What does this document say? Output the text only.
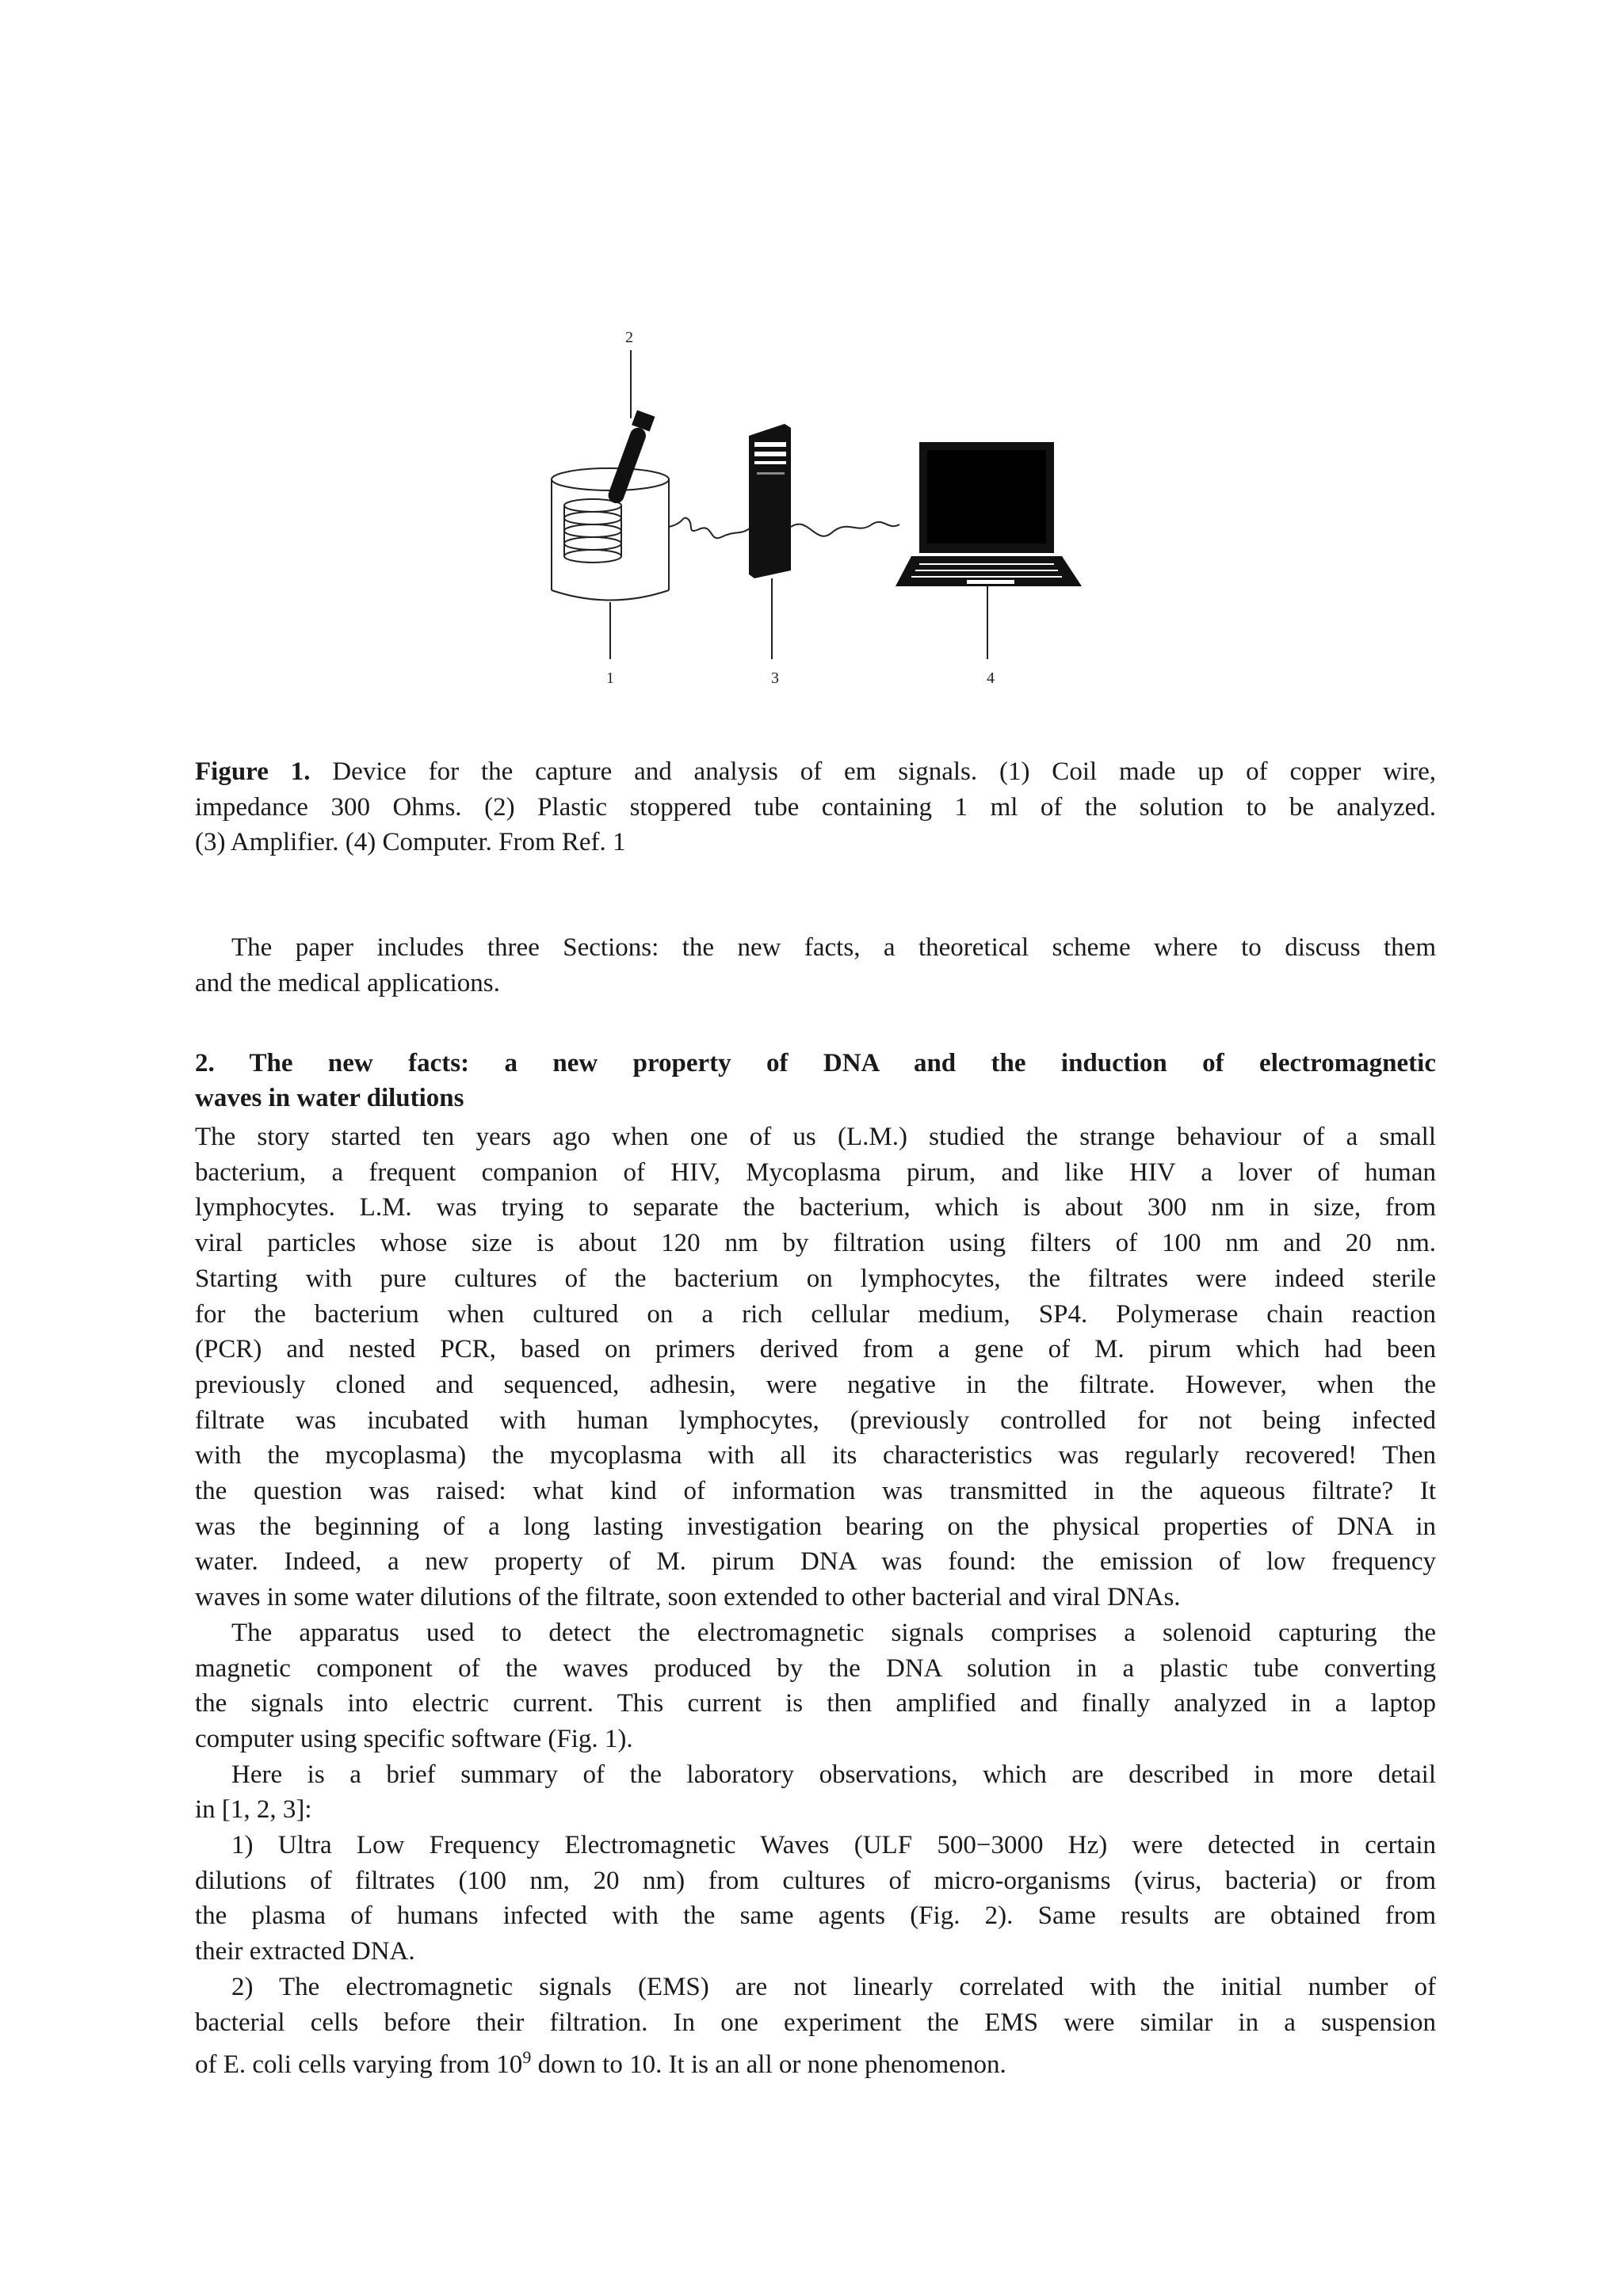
2
1	3	4
Figure 1. Device for the capture and analysis of em signals. (1) Coil made up of copper wire,
impedance 300 Ohms. (2) Plastic stoppered tube containing 1 ml of the solution to be analyzed.
(3) Amplifier. (4) Computer. From Ref. 1
The paper includes three Sections: the new facts, a theoretical scheme where to discuss them
and the medical applications.
2. The new facts: a new property of DNA and the induction of electromagnetic
waves in water dilutions

The story started ten years ago when one of us (L.M.) studied the strange behaviour of a small
bacterium, a frequent companion of HIV, Mycoplasma pirum, and like HIV a lover of human
lymphocytes. L.M. was trying to separate the bacterium, which is about 300 nm in size, from
viral particles whose size is about 120 nm by filtration using filters of 100 nm and 20 nm.
Starting with pure cultures of the bacterium on lymphocytes, the filtrates were indeed sterile
for the bacterium when cultured on a rich cellular medium, SP4. Polymerase chain reaction
(PCR) and nested PCR, based on primers derived from a gene of M. pirum which had been
previously cloned and sequenced, adhesin, were negative in the filtrate. However, when the
filtrate was incubated with human lymphocytes, (previously controlled for not being infected
with the mycoplasma) the mycoplasma with all its characteristics was regularly recovered! Then
the question was raised: what kind of information was transmitted in the aqueous filtrate? It
was the beginning of a long lasting investigation bearing on the physical properties of DNA in
water. Indeed, a new property of M. pirum DNA was found: the emission of low frequency
waves in some water dilutions of the filtrate, soon extended to other bacterial and viral DNAs.

The apparatus used to detect the electromagnetic signals comprises a solenoid capturing the
magnetic component of the waves produced by the DNA solution in a plastic tube converting
the signals into electric current. This current is then amplified and finally analyzed in a laptop
computer using specific software (Fig. 1).

Here is a brief summary of the laboratory observations, which are described in more detail
in [1, 2, 3]:

1) Ultra Low Frequency Electromagnetic Waves (ULF 500−3000 Hz) were detected in certain
dilutions of filtrates (100 nm, 20 nm) from cultures of micro-organisms (virus, bacteria) or from
the plasma of humans infected with the same agents (Fig. 2). Same results are obtained from
their extracted DNA.

2) The electromagnetic signals (EMS) are not linearly correlated with the initial number of
bacterial cells before their filtration. In one experiment the EMS were similar in a suspension
of E. coli cells varying from $10^9$ down to 10. It is an all or none phenomenon.
